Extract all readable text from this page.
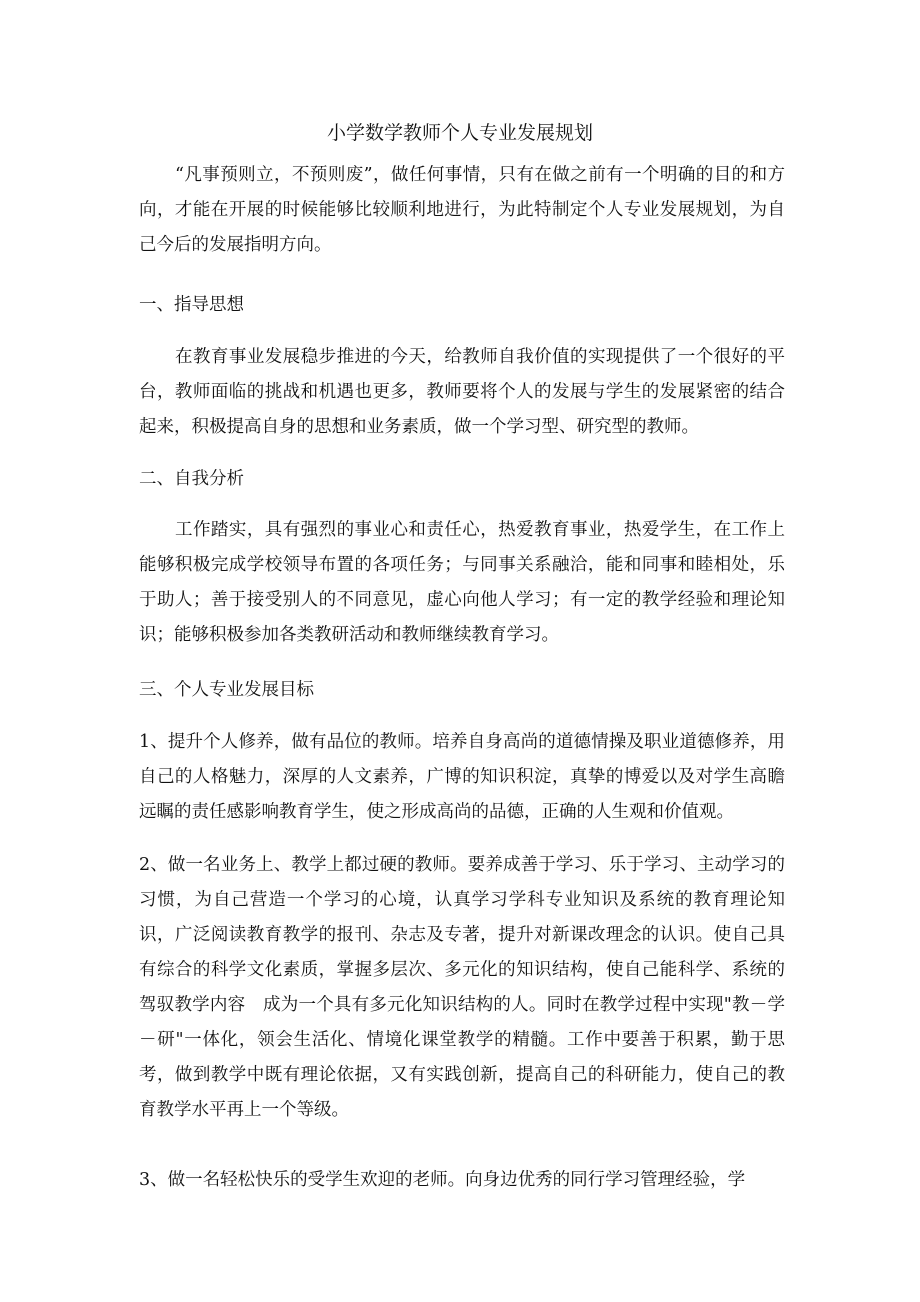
小学数学教师个人专业发展规划

“凡事预则立，不预则废”，做任何事情，只有在做之前有一个明确的目的和方向，才能在开展的时候能够比较顺利地进行，为此特制定个人专业发展规划，为自己今后的发展指明方向。

一、指导思想

在教育事业发展稳步推进的今天，给教师自我价值的实现提供了一个很好的平台，教师面临的挑战和机遇也更多，教师要将个人的发展与学生的发展紧密的结合起来，积极提高自身的思想和业务素质，做一个学习型、研究型的教师。

二、自我分析

工作踏实，具有强烈的事业心和责任心，热爱教育事业，热爱学生，在工作上能够积极完成学校领导布置的各项任务；与同事关系融洽，能和同事和睦相处，乐于助人；善于接受别人的不同意见，虚心向他人学习；有一定的教学经验和理论知识；能够积极参加各类教研活动和教师继续教育学习。

三、个人专业发展目标

1、提升个人修养，做有品位的教师。培养自身高尚的道德情操及职业道德修养，用自己的人格魅力，深厚的人文素养，广博的知识积淀，真挚的博爱以及对学生高瞻远瞩的责任感影响教育学生，使之形成高尚的品德，正确的人生观和价值观。

2、做一名业务上、教学上都过硬的教师。要养成善于学习、乐于学习、主动学习的习惯，为自己营造一个学习的心境，认真学习学科专业知识及系统的教育理论知识，广泛阅读教育教学的报刊、杂志及专著，提升对新课改理念的认识。使自己具有综合的科学文化素质，掌握多层次、多元化的知识结构，使自己能科学、系统的驾驭教学内容　成为一个具有多元化知识结构的人。同时在教学过程中实现"教－学－研"一体化，领会生活化、情境化课堂教学的精髓。工作中要善于积累，勤于思考，做到教学中既有理论依据，又有实践创新，提高自己的科研能力，使自己的教育教学水平再上一个等级。

3、做一名轻松快乐的受学生欢迎的老师。向身边优秀的同行学习管理经验，学
